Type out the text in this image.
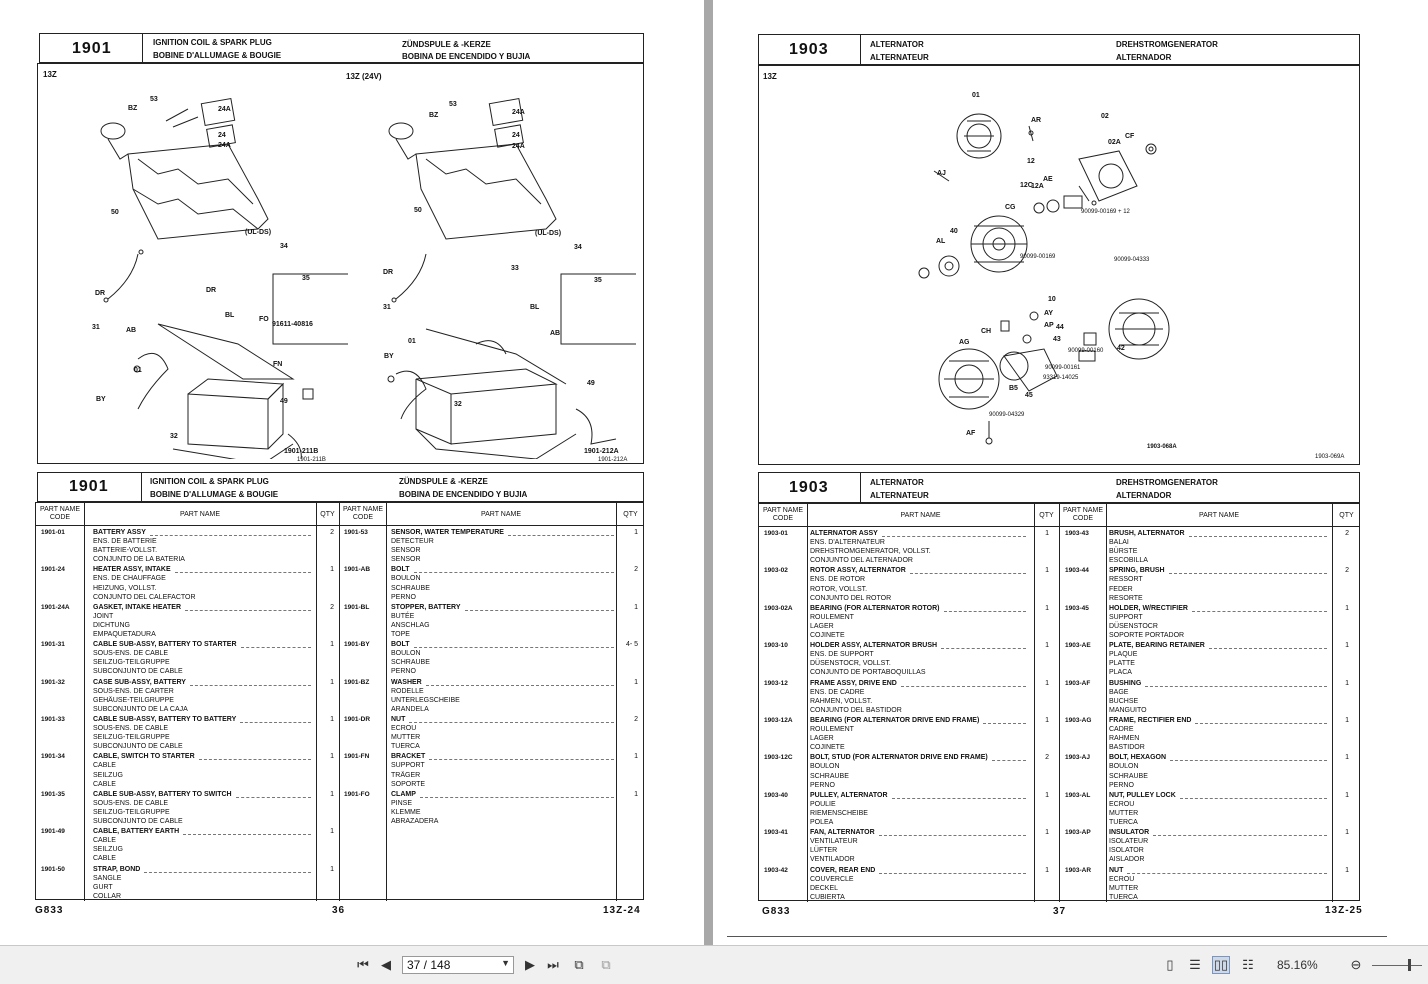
1901	IGNITION COIL & SPARK PLUG
BOBINE D'ALLUMAGE & BOUGIE
ZÜNDSPULE & -KERZE
BOBINA DE ENCENDIDO Y BUJIA
13Z	13Z (24V)
53
24A
BZ
24
24A
50
(UL-DS)
34
35
DR	DR
BL
31	AB
FO
91611-40816
01
FN
BY	49
32
53
24A
BZ
24
24A
50
(UL-DS)
34
35
DR
33
31	BL
01
AB
BY
49
32
1901-211B
1901-211B
1901-212A
1901-212A
1901	IGNITION COIL & SPARK PLUG
BOBINE D'ALLUMAGE & BOUGIE
ZÜNDSPULE & -KERZE
BOBINA DE ENCENDIDO Y BUJIA
PART NAME CODE	PART NAME	QTY
PART NAME CODE	PART NAME	QTY
1901-01	BATTERY ASSY	2
ENS. DE BATTERIE
BATTERIE-VOLLST.
CONJUNTO DE LA BATERIA
1901-24	HEATER ASSY, INTAKE	1
ENS. DE CHAUFFAGE
HEIZUNG, VOLLST.
CONJUNTO DEL CALEFACTOR
1901-24A	GASKET, INTAKE HEATER	2
JOINT
DICHTUNG
EMPAQUETADURA
1901-31	CABLE SUB-ASSY, BATTERY TO STARTER	1
SOUS-ENS. DE CABLE
SEILZUG-TEILGRUPPE
SUBCONJUNTO DE CABLE
1901-32	CASE SUB-ASSY, BATTERY	1
SOUS-ENS. DE CARTER
GEHÄUSE-TEILGRUPPE
SUBCONJUNTO DE LA CAJA
1901-33	CABLE SUB-ASSY, BATTERY TO BATTERY	1
SOUS-ENS. DE CABLE
SEILZUG-TEILGRUPPE
SUBCONJUNTO DE CABLE
1901-34	CABLE, SWITCH TO STARTER	1
CABLE
SEILZUG
CABLE
1901-35	CABLE SUB-ASSY, BATTERY TO SWITCH	1
SOUS-ENS. DE CABLE
SEILZUG-TEILGRUPPE
SUBCONJUNTO DE CABLE
1901-49	CABLE, BATTERY EARTH	1
CABLE
SEILZUG
CABLE
1901-50	STRAP, BOND	1
SANGLE
GURT
COLLAR
1901-53	SENSOR, WATER TEMPERATURE	1
DETECTEUR
SENSOR
SENSOR
1901-AB	BOLT	2
BOULON
SCHRAUBE
PERNO
1901-BL	STOPPER, BATTERY	1
BUTÉE
ANSCHLAG
TOPE
1901-BY	BOLT	4- 5
BOULON
SCHRAUBE
PERNO
1901-BZ	WASHER	1
RODELLE
UNTERLEGSCHEIBE
ARANDELA
1901-DR	NUT	2
ECROU
MUTTER
TUERCA
1901-FN	BRACKET	1
SUPPORT
TRÄGER
SOPORTE
1901-FO	CLAMP	1
PINSE
KLEMME
ABRAZADERA
G833	36	13Z-24
1903	ALTERNATOR
ALTERNATEUR
DREHSTROMGENERATOR
ALTERNADOR
13Z
01
AR
02
CF
02A
AJ
12
12C
12A
AE
CG
90099-00169 + 12
AL
40
90099-00169	90099-04333
10
AY
AP
CH
AG
44
43
90099-00160 42
90099-00161
93319-14025
45
B5
90099-04329
AF
1903-068A
1903-069A
1903	ALTERNATOR
ALTERNATEUR
DREHSTROMGENERATOR
ALTERNADOR
PART NAME CODE	PART NAME	QTY
PART NAME CODE	PART NAME	QTY
1903-01	ALTERNATOR ASSY	1
ENS. D'ALTERNATEUR
DREHSTROMGENERATOR, VOLLST.
CONJUNTO DEL ALTERNADOR
1903-02	ROTOR ASSY, ALTERNATOR	1
ENS. DE ROTOR
ROTOR, VOLLST.
CONJUNTO DEL ROTOR
1903-02A BEARING (FOR ALTERNATOR ROTOR)	1
ROULEMENT
LAGER
COJINETE
1903-10	HOLDER ASSY, ALTERNATOR BRUSH	1
ENS. DE SUPPORT
DÜSENSTOCR, VOLLST.
CONJUNTO DE PORTABOQUILLAS
1903-12	FRAME ASSY, DRIVE END	1
ENS. DE CADRE
RAHMEN, VOLLST.
CONJUNTO DEL BASTIDOR
1903-12A BEARING (FOR ALTERNATOR DRIVE END FRAME)	1
ROULEMENT
LAGER
COJINETE
1903-12C BOLT, STUD (FOR ALTERNATOR DRIVE END FRAME)	2
BOULON
SCHRAUBE
PERNO
1903-40	PULLEY, ALTERNATOR	1
POULIE
RIEMENSCHEIBE
POLEA
1903-41	FAN, ALTERNATOR	1
VENTILATEUR
LÜFTER
VENTILADOR
1903-42	COVER, REAR END	1
COUVERCLE
DECKEL
CUBIERTA
1903-43	BRUSH, ALTERNATOR	2
BALAI
BÜRSTE
ESCOBILLA
1903-44	SPRING, BRUSH	2
RESSORT
FEDER
RESORTE
1903-45	HOLDER, W/RECTIFIER	1
SUPPORT
DÜSENSTOCR
SOPORTE PORTADOR
1903-AE	PLATE, BEARING RETAINER	1
PLAQUE
PLATTE
PLACA
1903-AF	BUSHING	1
BAGE
BUCHSE
MANGUITO
1903-AG	FRAME, RECTIFIER END	1
CADRE
RAHMEN
BASTIDOR
1903-AJ	BOLT, HEXAGON	1
BOULON
SCHRAUBE
PERNO
1903-AL	NUT, PULLEY LOCK	1
ECROU
MUTTER
TUERCA
1903-AP	INSULATOR	1
ISOLATEUR
ISOLATOR
AISLADOR
1903-AR	NUT	1
ECROU
MUTTER
TUERCA
G833	37	13Z-25
⏮ ◀	37 / 148	▼ ▶ ⏭ ⧉ ⧉	▯	☰ ▯▯ ☷ 85.16%	⊖
